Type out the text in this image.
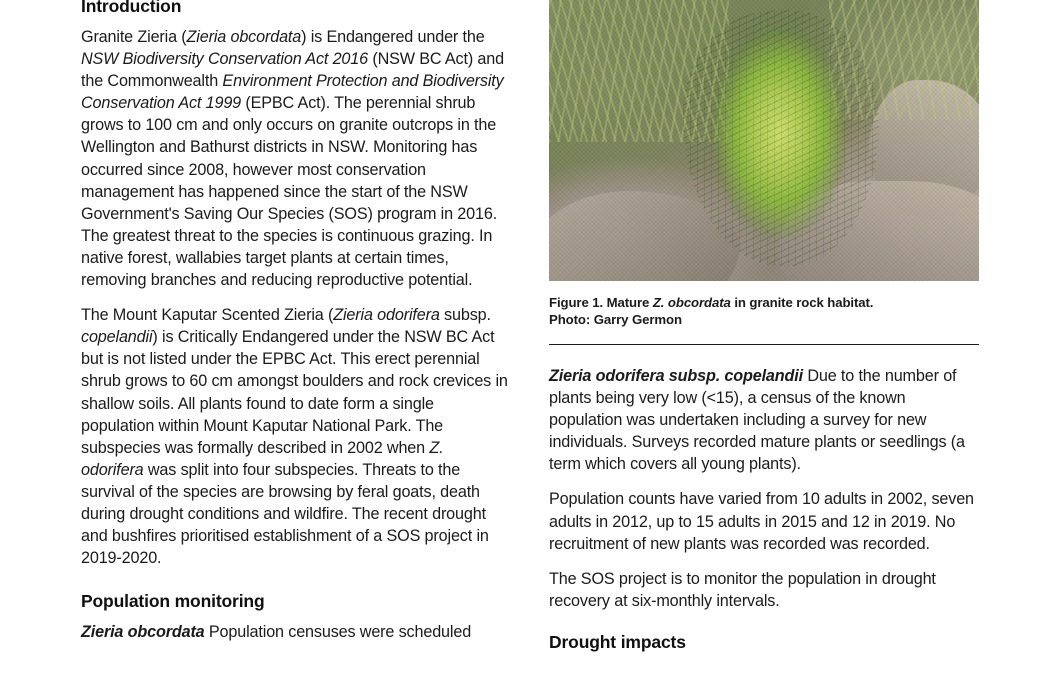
Introduction

Granite Zieria (Zieria obcordata) is Endangered under the NSW Biodiversity Conservation Act 2016 (NSW BC Act) and the Commonwealth Environment Protection and Biodiversity Conservation Act 1999 (EPBC Act). The perennial shrub grows to 100 cm and only occurs on granite outcrops in the Wellington and Bathurst districts in NSW. Monitoring has occurred since 2008, however most conservation management has happened since the start of the NSW Government's Saving Our Species (SOS) program in 2016. The greatest threat to the species is continuous grazing. In native forest, wallabies target plants at certain times, removing branches and reducing reproductive potential.

The Mount Kaputar Scented Zieria (Zieria odorifera subsp. copelandii) is Critically Endangered under the NSW BC Act but is not listed under the EPBC Act. This erect perennial shrub grows to 60 cm amongst boulders and rock crevices in shallow soils. All plants found to date form a single population within Mount Kaputar National Park. The subspecies was formally described in 2002 when Z. odorifera was split into four subspecies. Threats to the survival of the species are browsing by feral goats, death during drought conditions and wildfire. The recent drought and bushfires prioritised establishment of a SOS project in 2019-2020.

Population monitoring

Zieria obcordata Population censuses were scheduled

Figure 1. Mature Z. obcordata in granite rock habitat.
Photo: Garry Germon

Zieria odorifera subsp. copelandii Due to the number of plants being very low (<15), a census of the known population was undertaken including a survey for new individuals. Surveys recorded mature plants or seedlings (a term which covers all young plants).

Population counts have varied from 10 adults in 2002, seven adults in 2012, up to 15 adults in 2015 and 12 in 2019. No recruitment of new plants was recorded was recorded.

The SOS project is to monitor the population in drought recovery at six-monthly intervals.

Drought impacts
